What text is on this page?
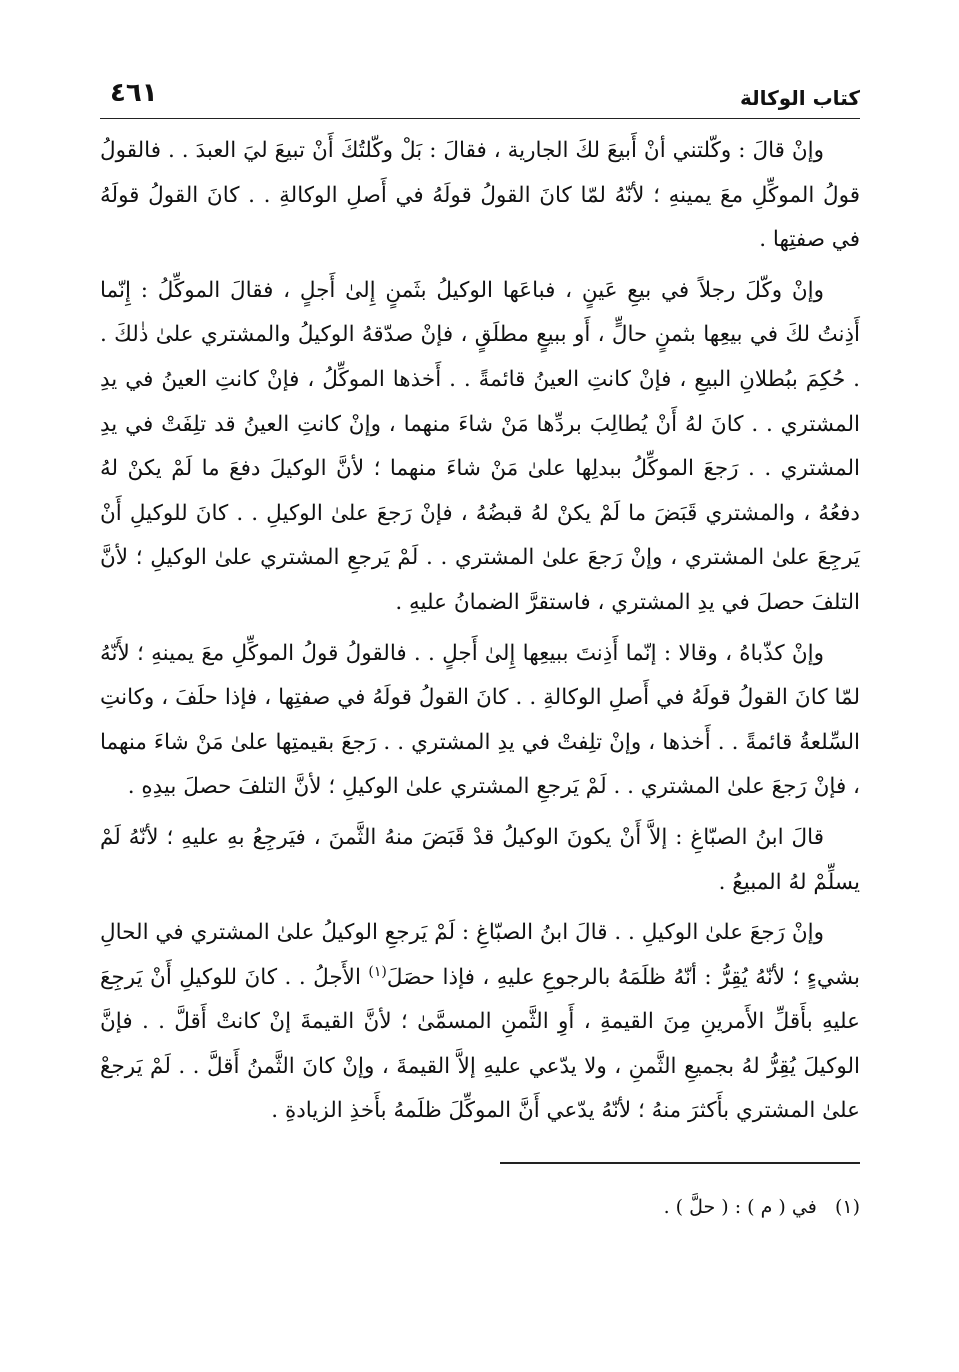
كتاب الوكالة
٤٦١

وإنْ قالَ : وكّلتني أنْ أَبيعَ لكَ الجارية ، فقالَ : بَلْ وكّلتُكَ أَنْ تبيعَ ليَ العبدَ . . فالقولُ قولُ الموكِّلِ معَ يمينهِ ؛ لأنّهُ لمّا كانَ القولُ قولَهُ في أَصلِ الوكالةِ . . كانَ القولُ قولَهُ في صفتِها .

وإنْ وكّلَ رجلاً في بيعِ عَينٍ ، فباعَها الوكيلُ بثَمنٍ إِلىٰ أَجلٍ ، فقالَ الموكِّلُ : إِنّما أَذِنتُ لكَ في بيعِها بثمنٍ حالٍّ ، أَو ببيعٍ مطلَقٍ ، فإنْ صدّقهُ الوكيلُ والمشتري علىٰ ذٰلكَ . . حُكِمَ ببُطلانِ البيعِ ، فإنْ كانتِ العينُ قائمةً . . أَخذها الموكِّلُ ، فإنْ كانتِ العينُ في يدِ المشتري . . كانَ لهُ أَنْ يُطالِبَ بردِّها مَنْ شاءَ منهما ، وإنْ كانتِ العينُ قد تلِفَتْ في يدِ المشتري . . رَجعَ الموكِّلُ ببدلِها علىٰ مَنْ شاءَ منهما ؛ لأنَّ الوكيلَ دفعَ ما لَمْ يكنْ لهُ دفعُهُ ، والمشتري قَبَضَ ما لَمْ يكنْ لهُ قبضُهُ ، فإنْ رَجعَ علىٰ الوكيلِ . . كانَ للوكيلِ أَنْ يَرجِعَ علىٰ المشتري ، وإنْ رَجعَ علىٰ المشتري . . لَمْ يَرجعِ المشتري علىٰ الوكيلِ ؛ لأنَّ التلفَ حصلَ في يدِ المشتري ، فاستقرَّ الضمانُ عليهِ .

وإنْ كذّباهُ ، وقالا : إنّما أَذِنتَ ببيعِها إِلىٰ أَجلٍ . . فالقولُ قولُ الموكِّلِ معَ يمينهِ ؛ لأَنّهُ لمّا كانَ القولُ قولَهُ في أَصلِ الوكالةِ . . كانَ القولُ قولَهُ في صفتِها ، فإذا حلَفَ ، وكانتِ السِّلعةُ قائمةً . . أَخذها ، وإنْ تلِفتْ في يدِ المشتري . . رَجعَ بقيمتِها علىٰ مَنْ شاءَ منهما ، فإنْ رَجعَ علىٰ المشتري . . لَمْ يَرجعِ المشتري علىٰ الوكيلِ ؛ لأنَّ التلفَ حصلَ بيدِهِ .

قالَ ابنُ الصبّاغِ : إلاَّ أَنْ يكونَ الوكيلُ قدْ قَبَضَ منهُ الثَّمنَ ، فيَرجِعُ بهِ عليهِ ؛ لأنّهُ لَمْ يسلِّمْ لهُ المبيعُ .

وإنْ رَجعَ علىٰ الوكيلِ . . قالَ ابنُ الصبّاغِ : لَمْ يَرجعِ الوكيلُ علىٰ المشتري في الحالِ بشيءٍ ؛ لأنّهُ يُقِرُّ : أنّهُ ظلَمَهُ بالرجوعِ عليهِ ، فإذا حصَلَ$^{(١)}$ الأَجلُ . . كانَ للوكيلِ أَنْ يَرجِعَ عليهِ بأَقلِّ الأَمرينِ مِنَ القيمةِ ، أَوِ الثَّمنِ المسمَّىٰ ؛ لأنَّ القيمةَ إنْ كانتْ أَقلَّ . . فإنَّ الوكيلَ يُقِرُّ لهُ بجميعِ الثَّمنِ ، ولا يدّعي عليهِ إلاَّ القيمةَ ، وإنْ كانَ الثَّمنُ أَقلَّ . . لَمْ يَرجعْ علىٰ المشتري بأَكثرَ منهُ ؛ لأنّهُ يدّعي أَنَّ الموكِّلَ ظلَمهُ بأَخذِ الزيادةِ .

(١)   في ( م ) : ( حلَّ ) .
